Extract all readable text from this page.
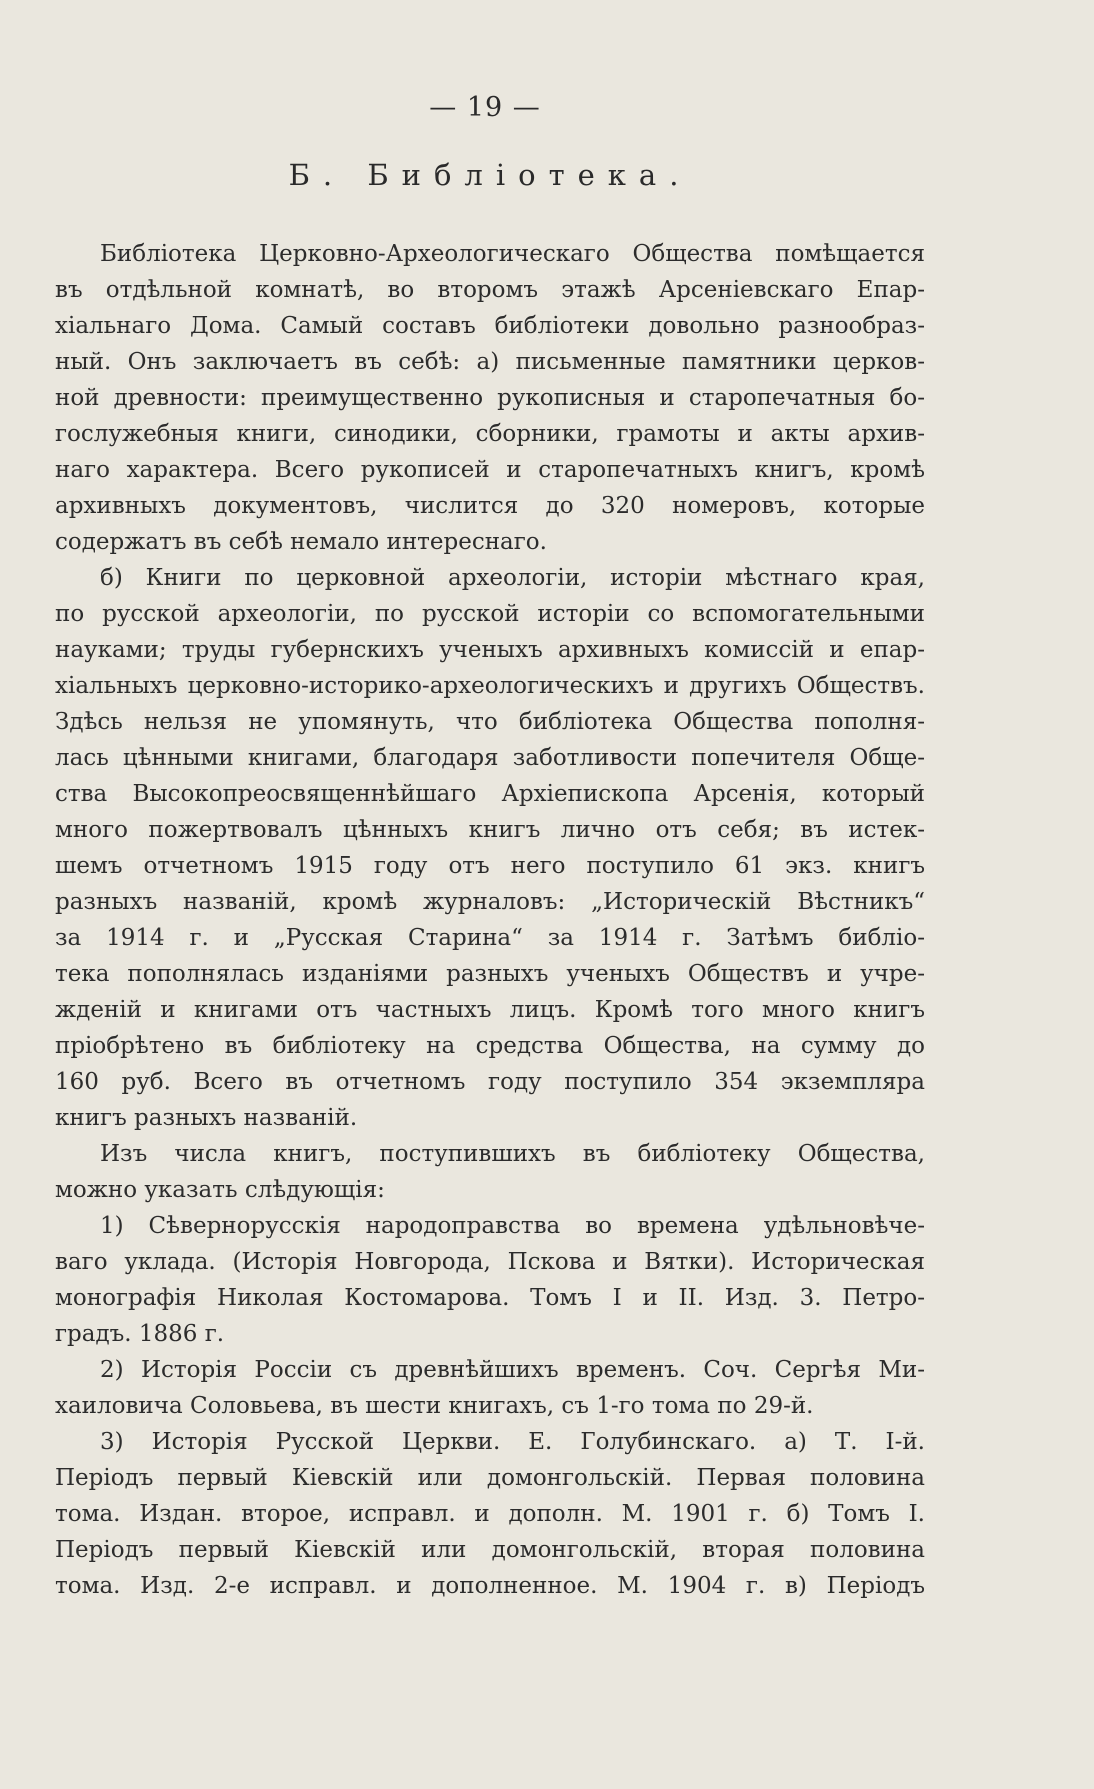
— 19 —
Б. Библіотека.
Библіотека Церковно-Археологическаго Общества помѣщается
въ отдѣльной комнатѣ, во второмъ этажѣ Арсеніевскаго Епар-
хіальнаго Дома. Самый составъ библіотеки довольно разнообраз-
ный. Онъ заключаетъ въ себѣ: а) письменные памятники церков-
ной древности: преимущественно рукописныя и старопечатныя бо-
гослужебныя книги, синодики, сборники, грамоты и акты архив-
наго характера. Всего рукописей и старопечатныхъ книгъ, кромѣ
архивныхъ документовъ, числится до 320 номеровъ, которые
содержатъ въ себѣ немало интереснаго.
б) Книги по церковной археологіи, исторіи мѣстнаго края,
по русской археологіи, по русской исторіи со вспомогательными
науками; труды губернскихъ ученыхъ архивныхъ комиссій и епар-
хіальныхъ церковно-историко-археологическихъ и другихъ Обществъ.
Здѣсь нельзя не упомянуть, что библіотека Общества пополня-
лась цѣнными книгами, благодаря заботливости попечителя Обще-
ства Высокопреосвященнѣйшаго Архіепископа Арсенія, который
много пожертвовалъ цѣнныхъ книгъ лично отъ себя; въ истек-
шемъ отчетномъ 1915 году отъ него поступило 61 экз. книгъ
разныхъ названій, кромѣ журналовъ: „Историческій Вѣстникъ“
за 1914 г. и „Русская Старина“ за 1914 г. Затѣмъ библіо-
тека пополнялась изданіями разныхъ ученыхъ Обществъ и учре-
жденій и книгами отъ частныхъ лицъ. Кромѣ того много книгъ
пріобрѣтено въ библіотеку на средства Общества, на сумму до
160 руб. Всего въ отчетномъ году поступило 354 экземпляра
книгъ разныхъ названій.
Изъ числа книгъ, поступившихъ въ библіотеку Общества,
можно указать слѣдующія:
1) Сѣвернорусскія народоправства во времена удѣльновѣче-
ваго уклада. (Исторія Новгорода, Пскова и Вятки). Историческая
монографія Николая Костомарова. Томъ I и II. Изд. 3. Петро-
градъ. 1886 г.
2) Исторія Россіи съ древнѣйшихъ временъ. Соч. Сергѣя Ми-
хаиловича Соловьева, въ шести книгахъ, съ 1-го тома по 29-й.
3) Исторія Русской Церкви. Е. Голубинскаго. а) Т. I-й.
Періодъ первый Кіевскій или домонгольскій. Первая половина
тома. Издан. второе, исправл. и дополн. М. 1901 г. б) Томъ I.
Періодъ первый Кіевскій или домонгольскій, вторая половина
тома. Изд. 2-е исправл. и дополненное. М. 1904 г. в) Періодъ
